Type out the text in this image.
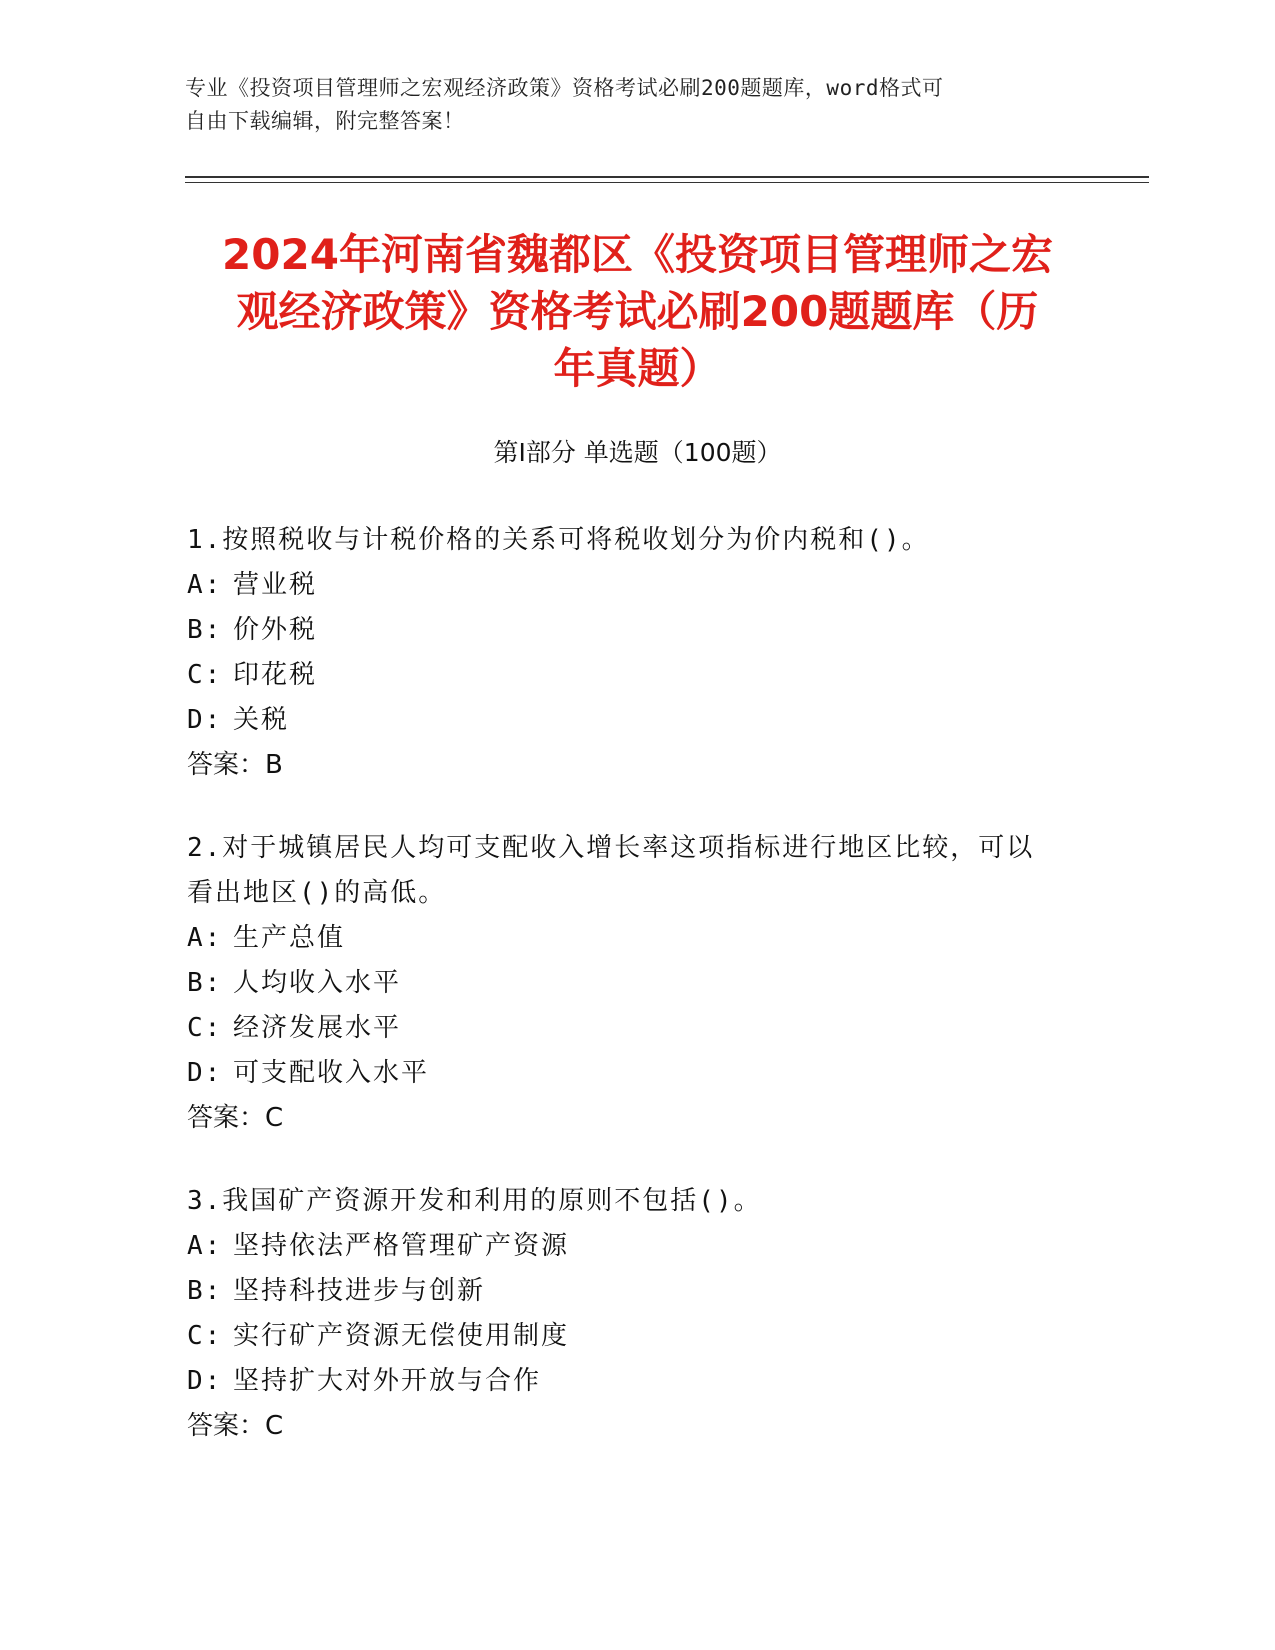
专业《投资项目管理师之宏观经济政策》资格考试必刷200题题库，word格式可
自由下载编辑，附完整答案！
2024年河南省魏都区《投资项目管理师之宏
观经济政策》资格考试必刷200题题库（历
年真题）
第Ⅰ部分 单选题（100题）
1.按照税收与计税价格的关系可将税收划分为价内税和()。
A: 营业税
B: 价外税
C: 印花税
D: 关税
答案：B
2.对于城镇居民人均可支配收入增长率这项指标进行地区比较，可以
看出地区()的高低。
A: 生产总值
B: 人均收入水平
C: 经济发展水平
D: 可支配收入水平
答案：C
3.我国矿产资源开发和利用的原则不包括()。
A: 坚持依法严格管理矿产资源
B: 坚持科技进步与创新
C: 实行矿产资源无偿使用制度
D: 坚持扩大对外开放与合作
答案：C
